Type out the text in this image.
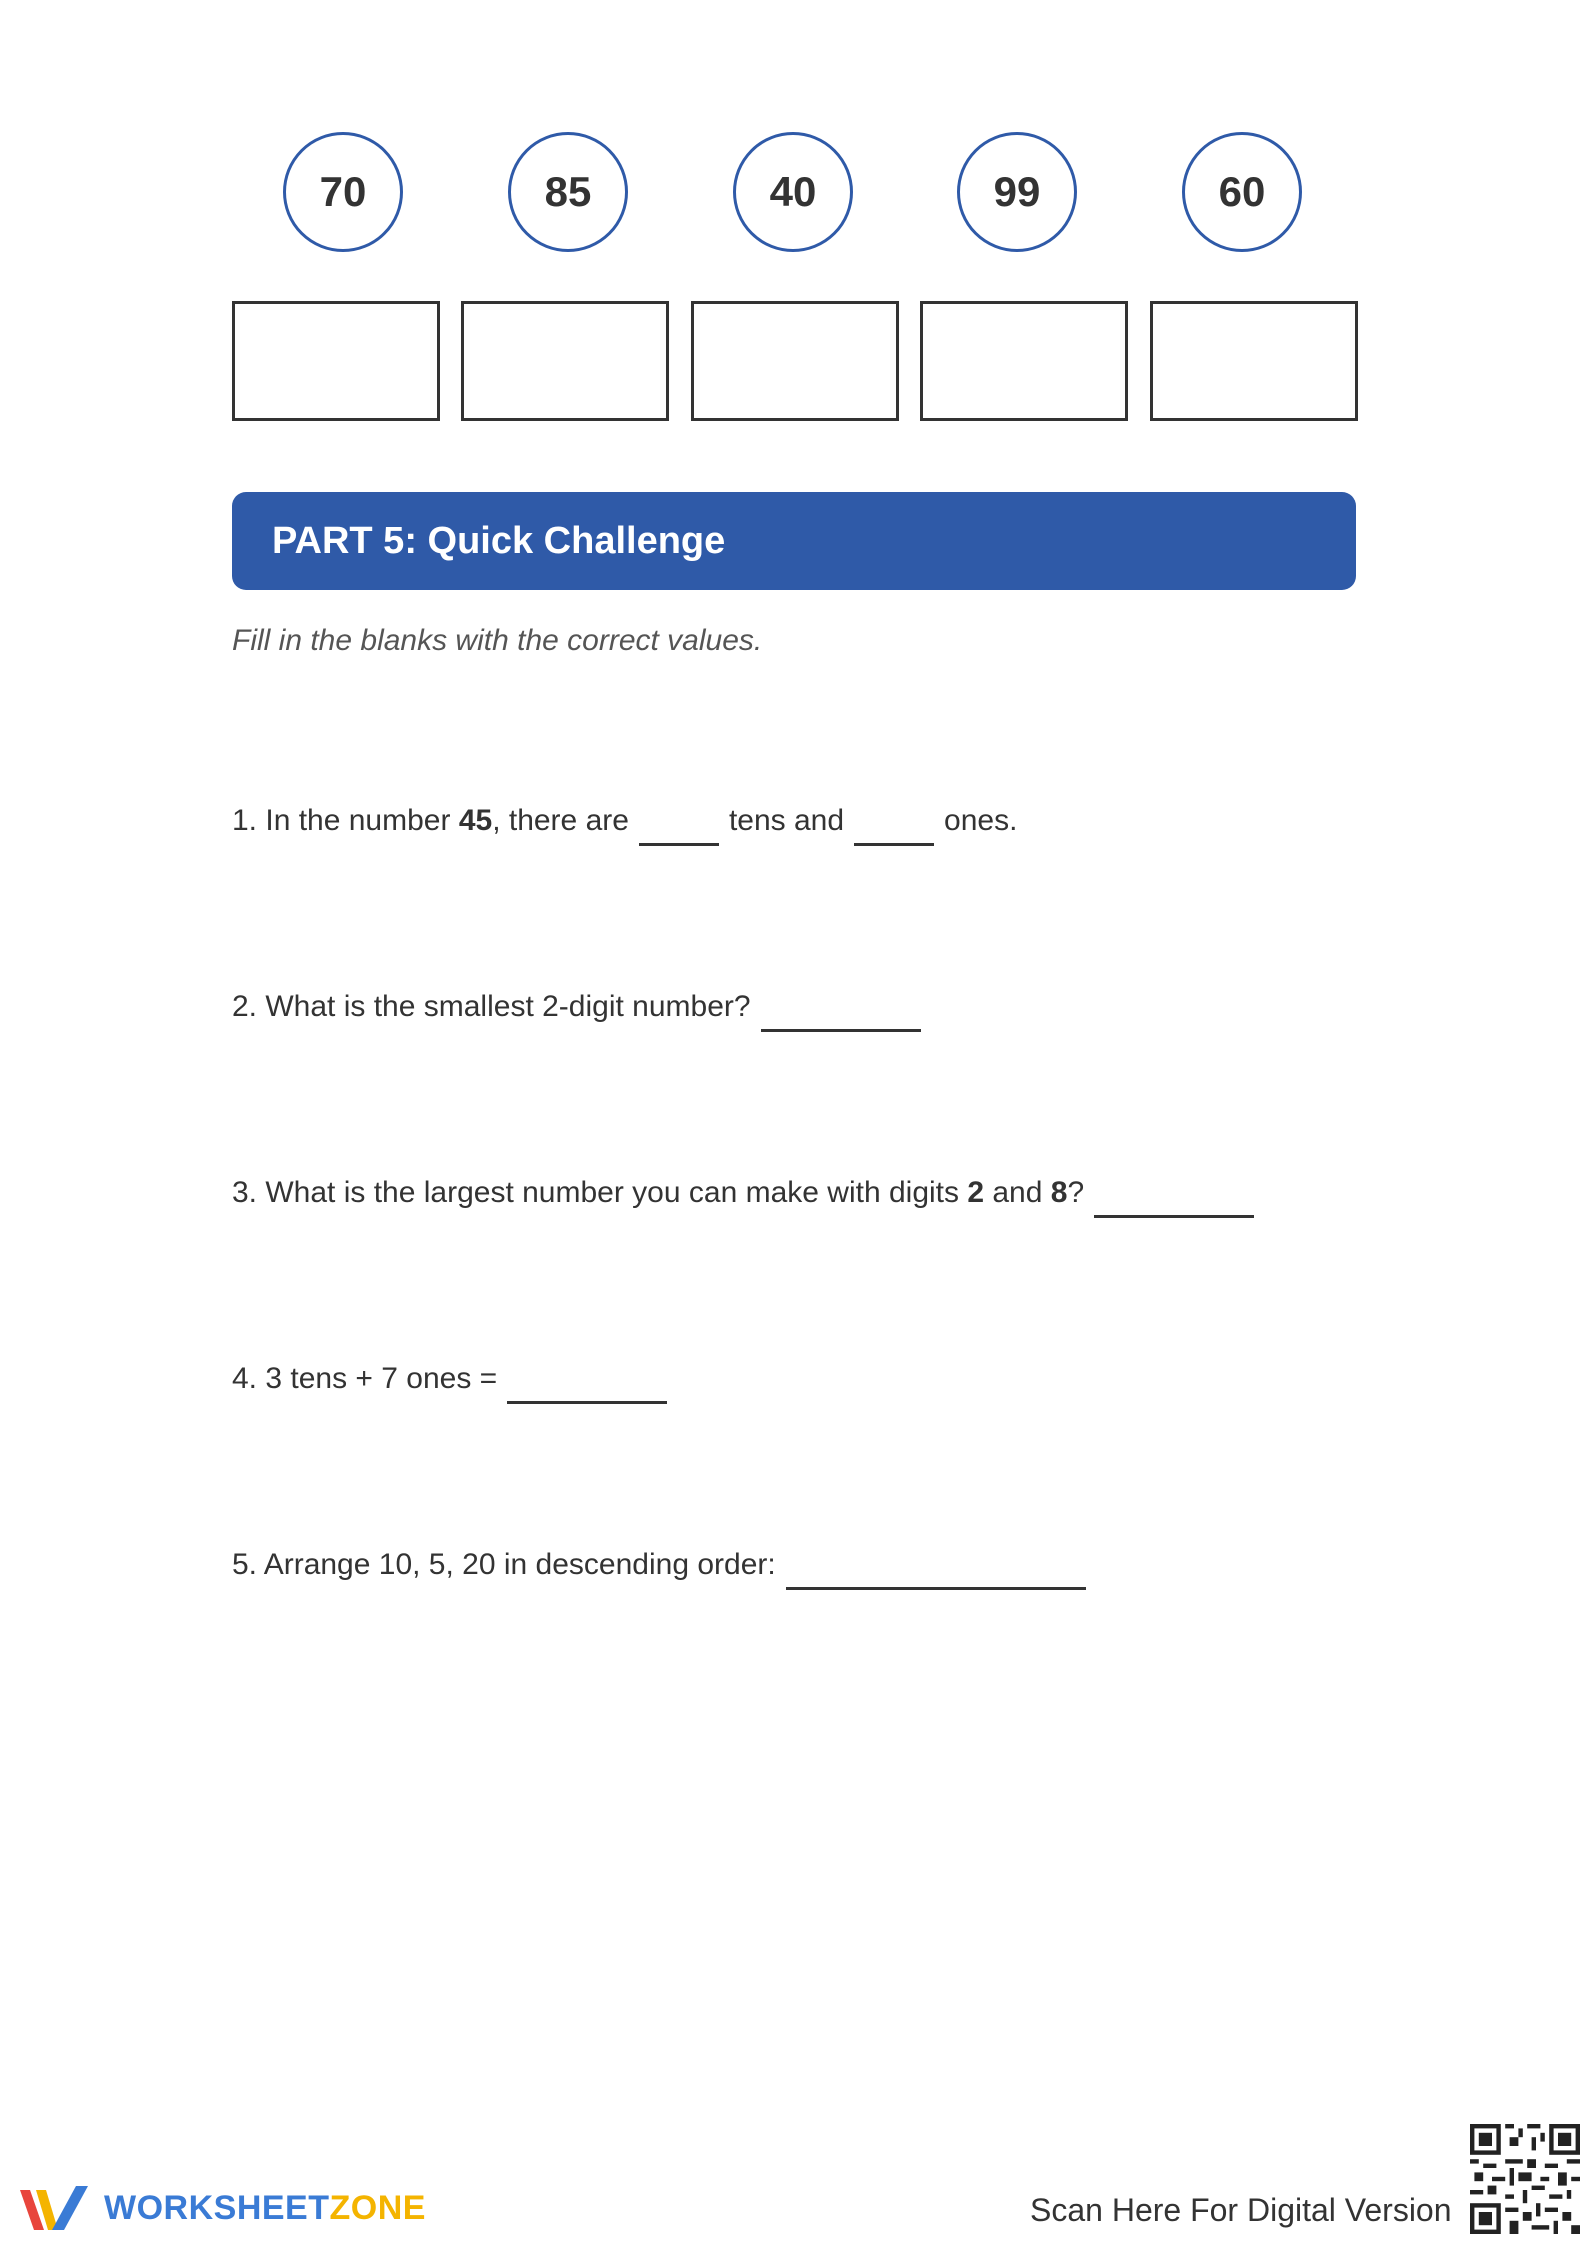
70	85	40	99	60
PART 5: Quick Challenge
Fill in the blanks with the correct values.
1. In the number 45 , there are	tens and	ones.
2. What is the smallest 2-digit number?
3. What is the largest number you can make with digits 2 and 8 ?
4. 3 tens + 7 ones =
5. Arrange 10, 5, 20 in descending order:
WORKSHEETZONE	Scan Here For Digital Version
